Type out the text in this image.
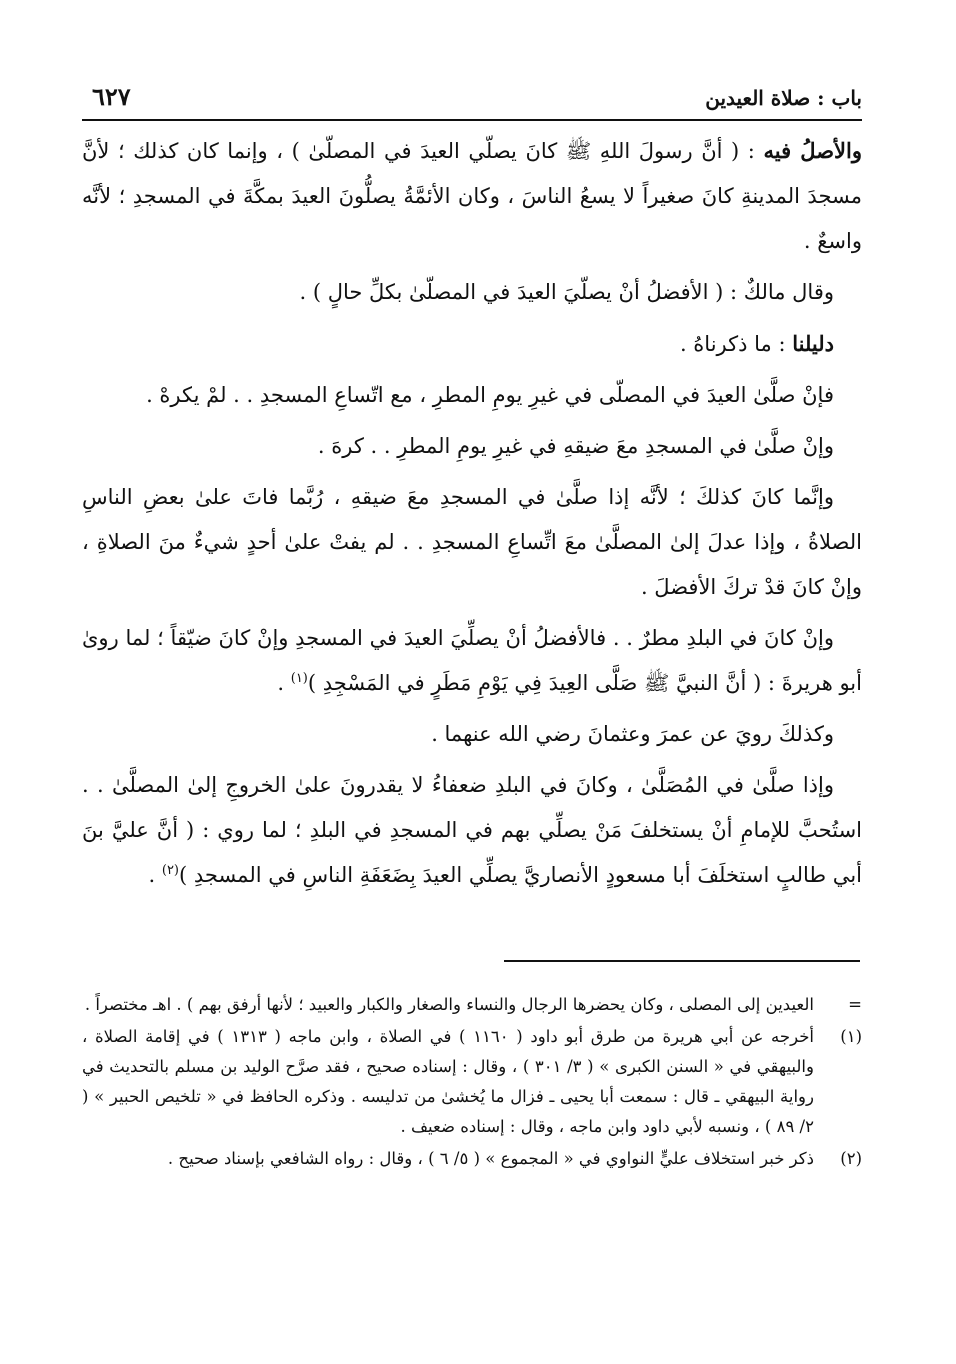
باب : صلاة العيدين
٦٢٧

والأصلُ فيه : ( أنَّ رسولَ اللهِ ﷺ كانَ يصلّي العيدَ في المصلّىٰ ) ، وإنما كان كذلك ؛ لأنَّ مسجدَ المدينةِ كانَ صغيراً لا يسعُ الناسَ ، وكان الأئمَّةُ يصلُّونَ العيدَ بمكَّةَ في المسجدِ ؛ لأنَّه واسعٌ .

وقال مالكٌ : ( الأفضلُ أنْ يصلّيَ العيدَ في المصلّىٰ بكلِّ حالٍ ) .

دليلنا : ما ذكرناهُ .

فإنْ صلَّىٰ العيدَ في المصلّى في غيرِ يومِ المطرِ ، مع اتّساعِ المسجدِ . . لمْ يكرهْ .

وإنْ صلَّىٰ في المسجدِ معَ ضيقهِ في غيرِ يومِ المطرِ . . كرهَ .

وإنَّما كانَ كذلكَ ؛ لأنَّه إذا صلَّىٰ في المسجدِ معَ ضيقهِ ، رُبَّما فاتَ علىٰ بعضِ الناسِ الصلاةُ ، وإذا عدلَ إلىٰ المصلَّىٰ معَ اتِّساعِ المسجدِ . . لم يفتْ علىٰ أحدٍ شيءٌ منَ الصلاةِ ، وإنْ كانَ قدْ تركَ الأفضلَ .

وإنْ كانَ في البلدِ مطرٌ . . فالأفضلُ أنْ يصلِّيَ العيدَ في المسجدِ وإنْ كانَ ضيّقاً ؛ لما روىٰ أبو هريرةَ : ( أنَّ النبيَّ ﷺ صَلَّى العِيدَ فِي يَوْمِ مَطَرٍ في المَسْجِدِ )$^{(١)}$ .

وكذلكَ رويَ عن عمرَ وعثمانَ رضي الله عنهما .

وإذا صلَّىٰ في المُصَلَّىٰ ، وكانَ في البلدِ ضعفاءُ لا يقدرونَ علىٰ الخروجِ إلىٰ المصلَّىٰ . . استُحبَّ للإمامِ أنْ يستخلفَ مَنْ يصلِّي بهم في المسجدِ في البلدِ ؛ لما روي : ( أنَّ عليَّ بنَ أبي طالبٍ استخلَفَ أبا مسعودٍ الأنصاريَّ يصلِّي العيدَ بِضَعَفَةِ الناسِ في المسجدِ )$^{(٢)}$ .

=
العيدين إلى المصلى ، وكان يحضرها الرجال والنساء والصغار والكبار والعبيد ؛ لأنها أرفق بهم ) . اهـ مختصراً .
(١)
أخرجه عن أبي هريرة من طرق أبو داود ( ١١٦٠ ) في الصلاة ، وابن ماجه ( ١٣١٣ ) في إقامة الصلاة ، والبيهقي في « السنن الكبرى » ( ٣/ ٣٠١ ) ، وقال : إسناده صحيح ، فقد صرَّح الوليد بن مسلم بالتحديث في رواية البيهقي ـ قال : سمعت أبا يحيى ـ فزال ما يُخشىٰ من تدليسه . وذكره الحافظ في « تلخيص الحبير » ( ٢/ ٨٩ ) ، ونسبه لأبي داود وابن ماجه ، وقال : إسناده ضعيف .
(٢)
ذكر خبر استخلاف عليٍّ النواوي في « المجموع » ( ٥/ ٦ ) ، وقال : رواه الشافعي بإسناد صحيح .
